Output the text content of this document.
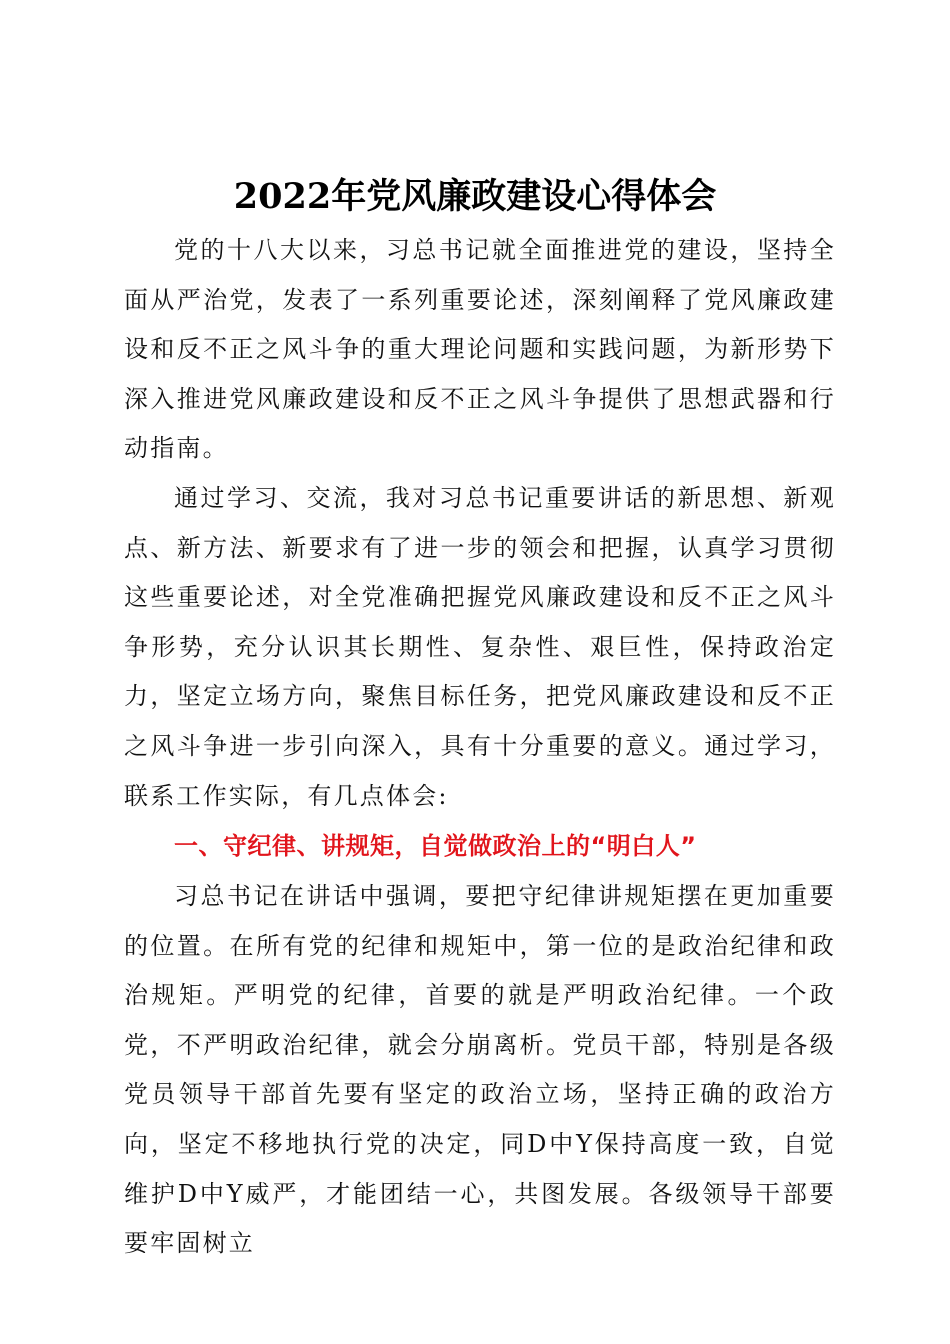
2022年党风廉政建设心得体会

党的十八大以来，习总书记就全面推进党的建设，坚持全面从严治党，发表了一系列重要论述，深刻阐释了党风廉政建设和反不正之风斗争的重大理论问题和实践问题，为新形势下深入推进党风廉政建设和反不正之风斗争提供了思想武器和行动指南。

通过学习、交流，我对习总书记重要讲话的新思想、新观点、新方法、新要求有了进一步的领会和把握，认真学习贯彻这些重要论述，对全党准确把握党风廉政建设和反不正之风斗争形势，充分认识其长期性、复杂性、艰巨性，保持政治定力，坚定立场方向，聚焦目标任务，把党风廉政建设和反不正之风斗争进一步引向深入，具有十分重要的意义。通过学习，联系工作实际，有几点体会:

一、守纪律、讲规矩，自觉做政治上的“明白人”

习总书记在讲话中强调，要把守纪律讲规矩摆在更加重要的位置。在所有党的纪律和规矩中，第一位的是政治纪律和政治规矩。严明党的纪律，首要的就是严明政治纪律。一个政党，不严明政治纪律，就会分崩离析。党员干部，特别是各级党员领导干部首先要有坚定的政治立场，坚持正确的政治方向，坚定不移地执行党的决定，同D中Y保持高度一致，自觉维护D中Y威严，才能团结一心，共图发展。各级领导干部要要牢固树立
